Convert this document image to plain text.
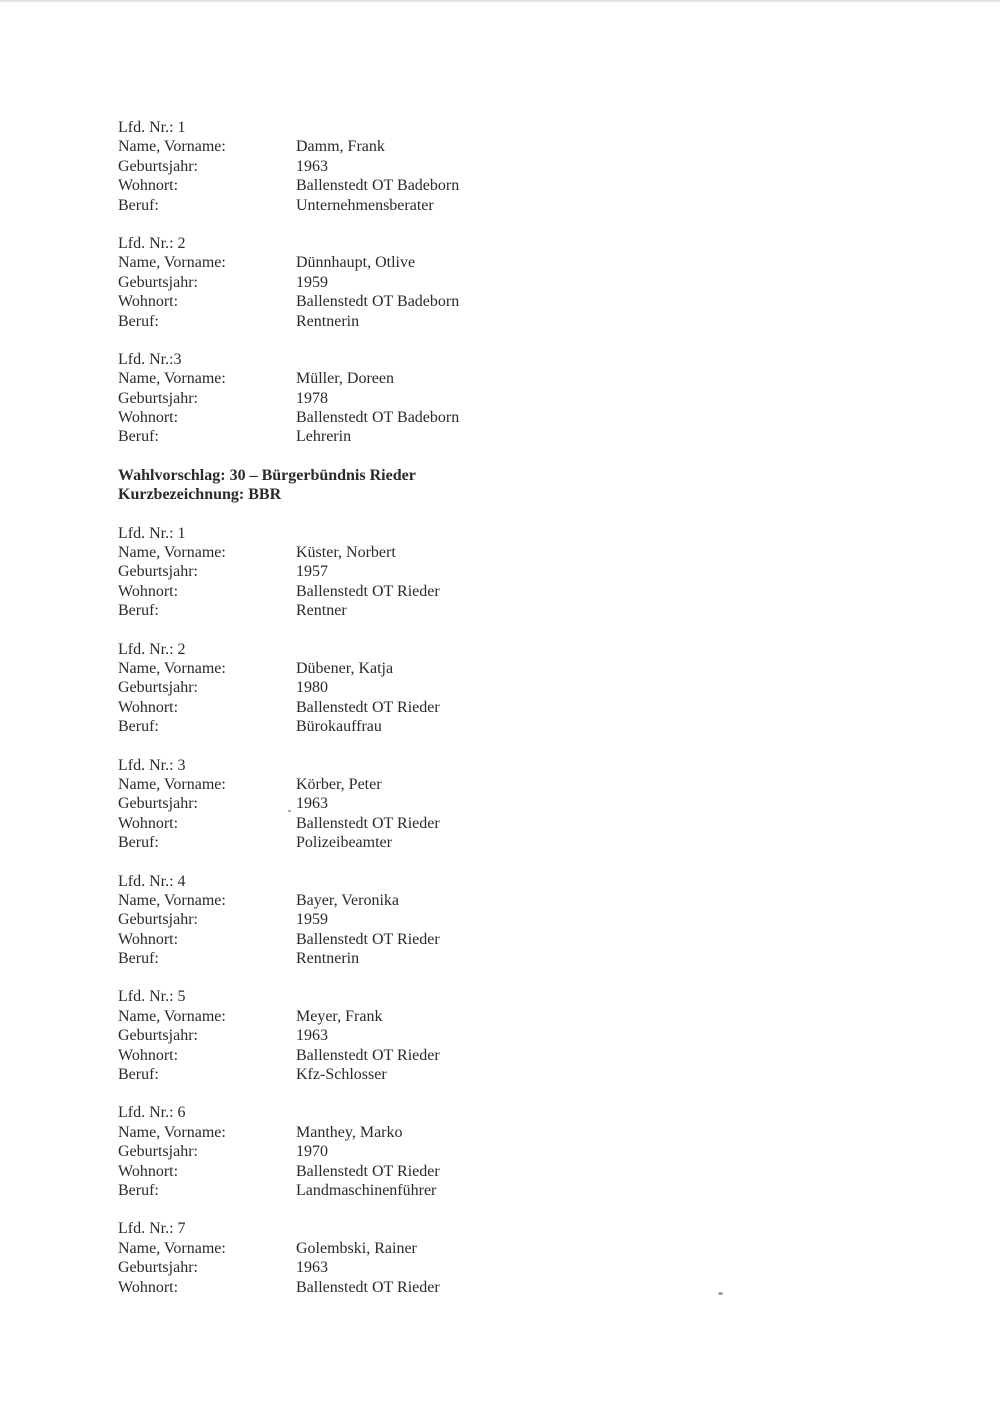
Lfd. Nr.: 1
Name, Vorname:	Damm, Frank
Geburtsjahr:	1963
Wohnort:	Ballenstedt OT Badeborn
Beruf:	Unternehmensberater
Lfd. Nr.: 2
Name, Vorname:	Dünnhaupt, Otlive
Geburtsjahr:	1959
Wohnort:	Ballenstedt OT Badeborn
Beruf:	Rentnerin
Lfd. Nr.:3
Name, Vorname:	Müller, Doreen
Geburtsjahr:	1978
Wohnort:	Ballenstedt OT Badeborn
Beruf:	Lehrerin
Wahlvorschlag: 30 – Bürgerbündnis Rieder
Kurzbezeichnung: BBR
Lfd. Nr.: 1
Name, Vorname:	Küster, Norbert
Geburtsjahr:	1957
Wohnort:	Ballenstedt OT Rieder
Beruf:	Rentner
Lfd. Nr.: 2
Name, Vorname:	Dübener, Katja
Geburtsjahr:	1980
Wohnort:	Ballenstedt OT Rieder
Beruf:	Bürokauffrau
Lfd. Nr.: 3
Name, Vorname:	Körber, Peter
Geburtsjahr:	1963
Wohnort:	Ballenstedt OT Rieder
Beruf:	Polizeibeamter
Lfd. Nr.: 4
Name, Vorname:	Bayer, Veronika
Geburtsjahr:	1959
Wohnort:	Ballenstedt OT Rieder
Beruf:	Rentnerin
Lfd. Nr.: 5
Name, Vorname:	Meyer, Frank
Geburtsjahr:	1963
Wohnort:	Ballenstedt OT Rieder
Beruf:	Kfz-Schlosser
Lfd. Nr.: 6
Name, Vorname:	Manthey, Marko
Geburtsjahr:	1970
Wohnort:	Ballenstedt OT Rieder
Beruf:	Landmaschinenführer
Lfd. Nr.: 7
Name, Vorname:	Golembski, Rainer
Geburtsjahr:	1963
Wohnort:	Ballenstedt OT Rieder
